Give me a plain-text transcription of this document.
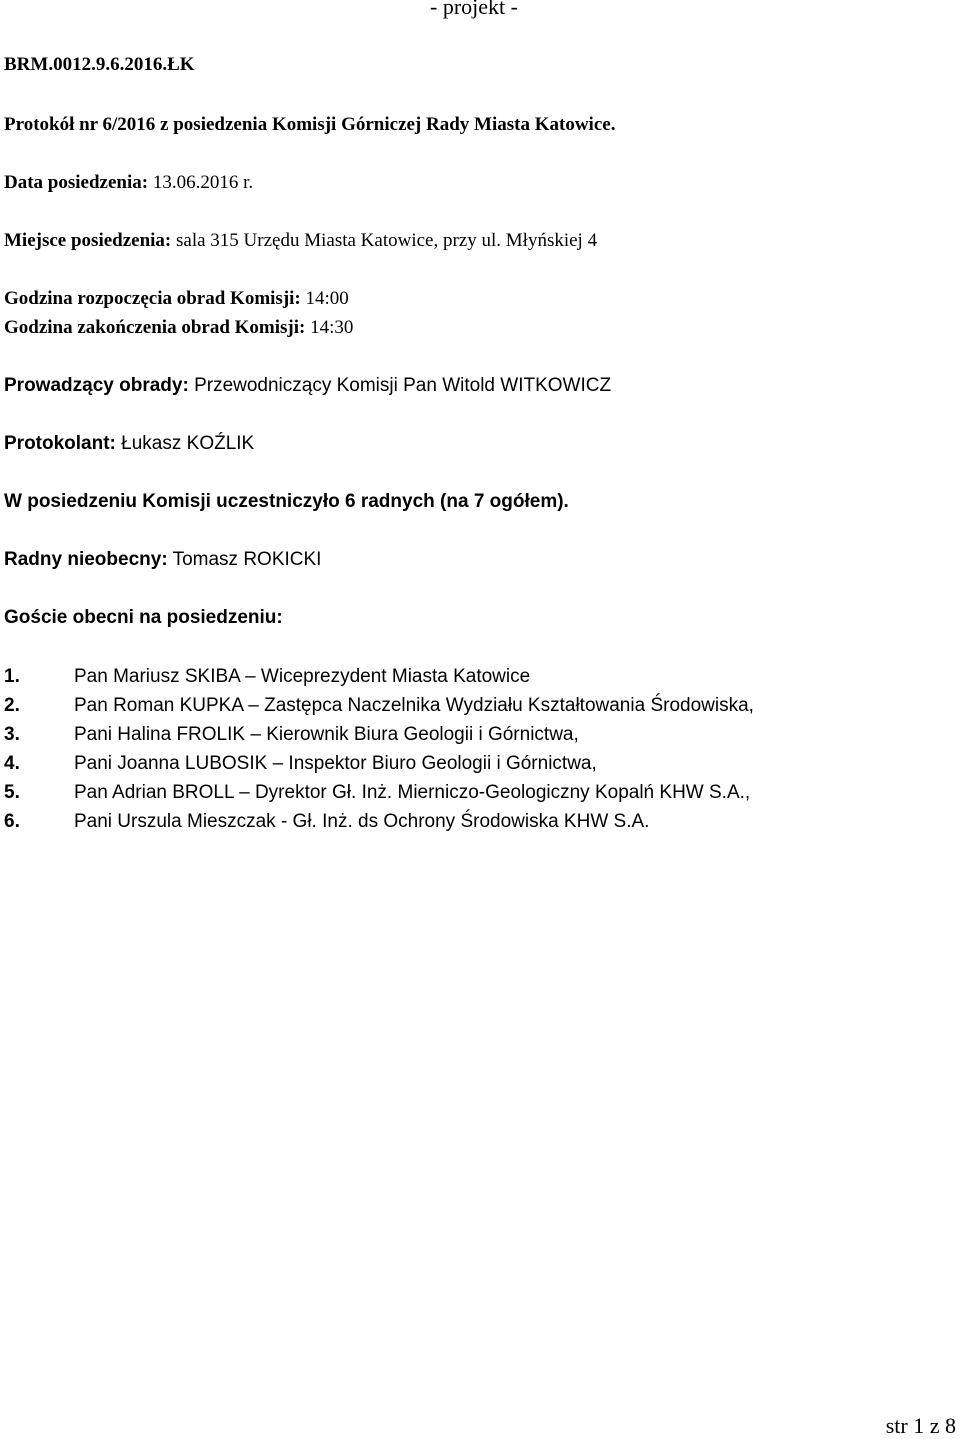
- projekt -

BRM.0012.9.6.2016.ŁK

Protokół nr 6/2016 z posiedzenia Komisji Górniczej Rady Miasta Katowice.

Data posiedzenia: 13.06.2016 r.

Miejsce posiedzenia: sala 315 Urzędu Miasta Katowice, przy ul. Młyńskiej 4

Godzina rozpoczęcia obrad Komisji: 14:00

Godzina zakończenia obrad Komisji: 14:30

Prowadzący obrady: Przewodniczący Komisji Pan Witold WITKOWICZ

Protokolant: Łukasz KOŹLIK

W posiedzeniu Komisji uczestniczyło 6 radnych (na 7 ogółem).

Radny nieobecny: Tomasz ROKICKI

Goście obecni na posiedzeniu:

1.	Pan Mariusz SKIBA – Wiceprezydent Miasta Katowice
2.	Pan Roman KUPKA – Zastępca Naczelnika Wydziału Kształtowania Środowiska,
3.	Pani Halina FROLIK – Kierownik Biura Geologii i Górnictwa,
4.	Pani Joanna LUBOSIK – Inspektor Biuro Geologii i Górnictwa,
5.	Pan Adrian BROLL – Dyrektor Gł. Inż. Mierniczo-Geologiczny Kopalń KHW S.A.,
6.	Pani Urszula Mieszczak - Gł. Inż. ds Ochrony Środowiska KHW S.A.

str 1 z 8
